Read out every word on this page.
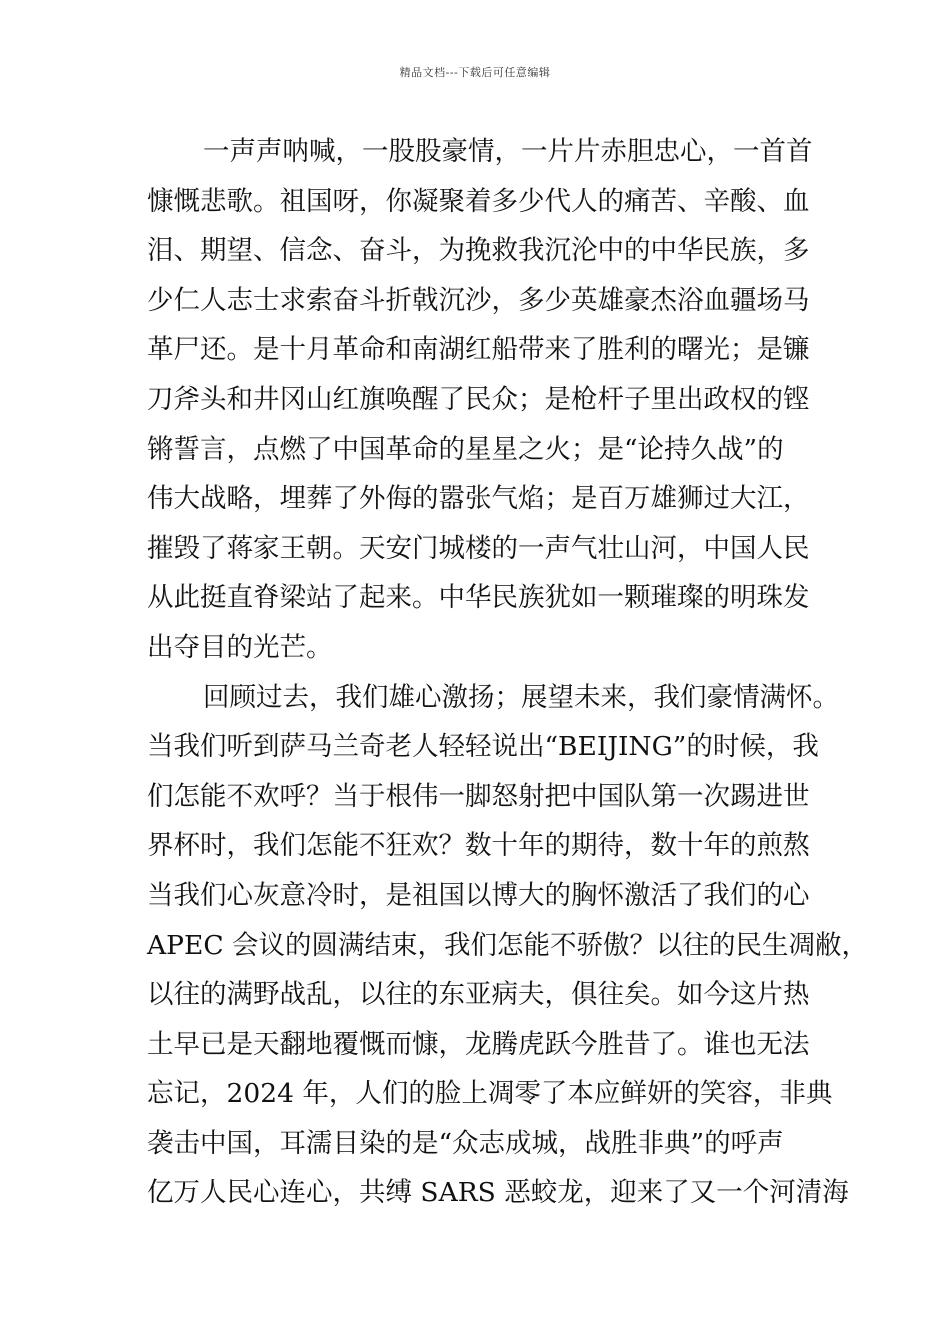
精品文档---下载后可任意编辑
一声声呐喊，一股股豪情，一片片赤胆忠心，一首首
慷慨悲歌。祖国呀，你凝聚着多少代人的痛苦、辛酸、血
泪、期望、信念、奋斗，为挽救我沉沦中的中华民族，多
少仁人志士求索奋斗折戟沉沙，多少英雄豪杰浴血疆场马
革尸还。是十月革命和南湖红船带来了胜利的曙光；是镰
刀斧头和井冈山红旗唤醒了民众；是枪杆子里出政权的铿
锵誓言，点燃了中国革命的星星之火；是“论持久战”的
伟大战略，埋葬了外侮的嚣张气焰；是百万雄狮过大江，
摧毁了蒋家王朝。天安门城楼的一声气壮山河，中国人民
从此挺直脊梁站了起来。中华民族犹如一颗璀璨的明珠发
出夺目的光芒。
回顾过去，我们雄心激扬；展望未来，我们豪情满怀。
当我们听到萨马兰奇老人轻轻说出“BEIJING”的时候，我
们怎能不欢呼？当于根伟一脚怒射把中国队第一次踢进世
界杯时，我们怎能不狂欢？数十年的期待，数十年的煎熬
当我们心灰意冷时，是祖国以博大的胸怀激活了我们的心
APEC 会议的圆满结束，我们怎能不骄傲？以往的民生凋敝，
以往的满野战乱，以往的东亚病夫，俱往矣。如今这片热
土早已是天翻地覆慨而慷，龙腾虎跃今胜昔了。谁也无法
忘记，2024 年，人们的脸上凋零了本应鲜妍的笑容，非典
袭击中国，耳濡目染的是“众志成城，战胜非典”的呼声
亿万人民心连心，共缚 SARS 恶蛟龙，迎来了又一个河清海
